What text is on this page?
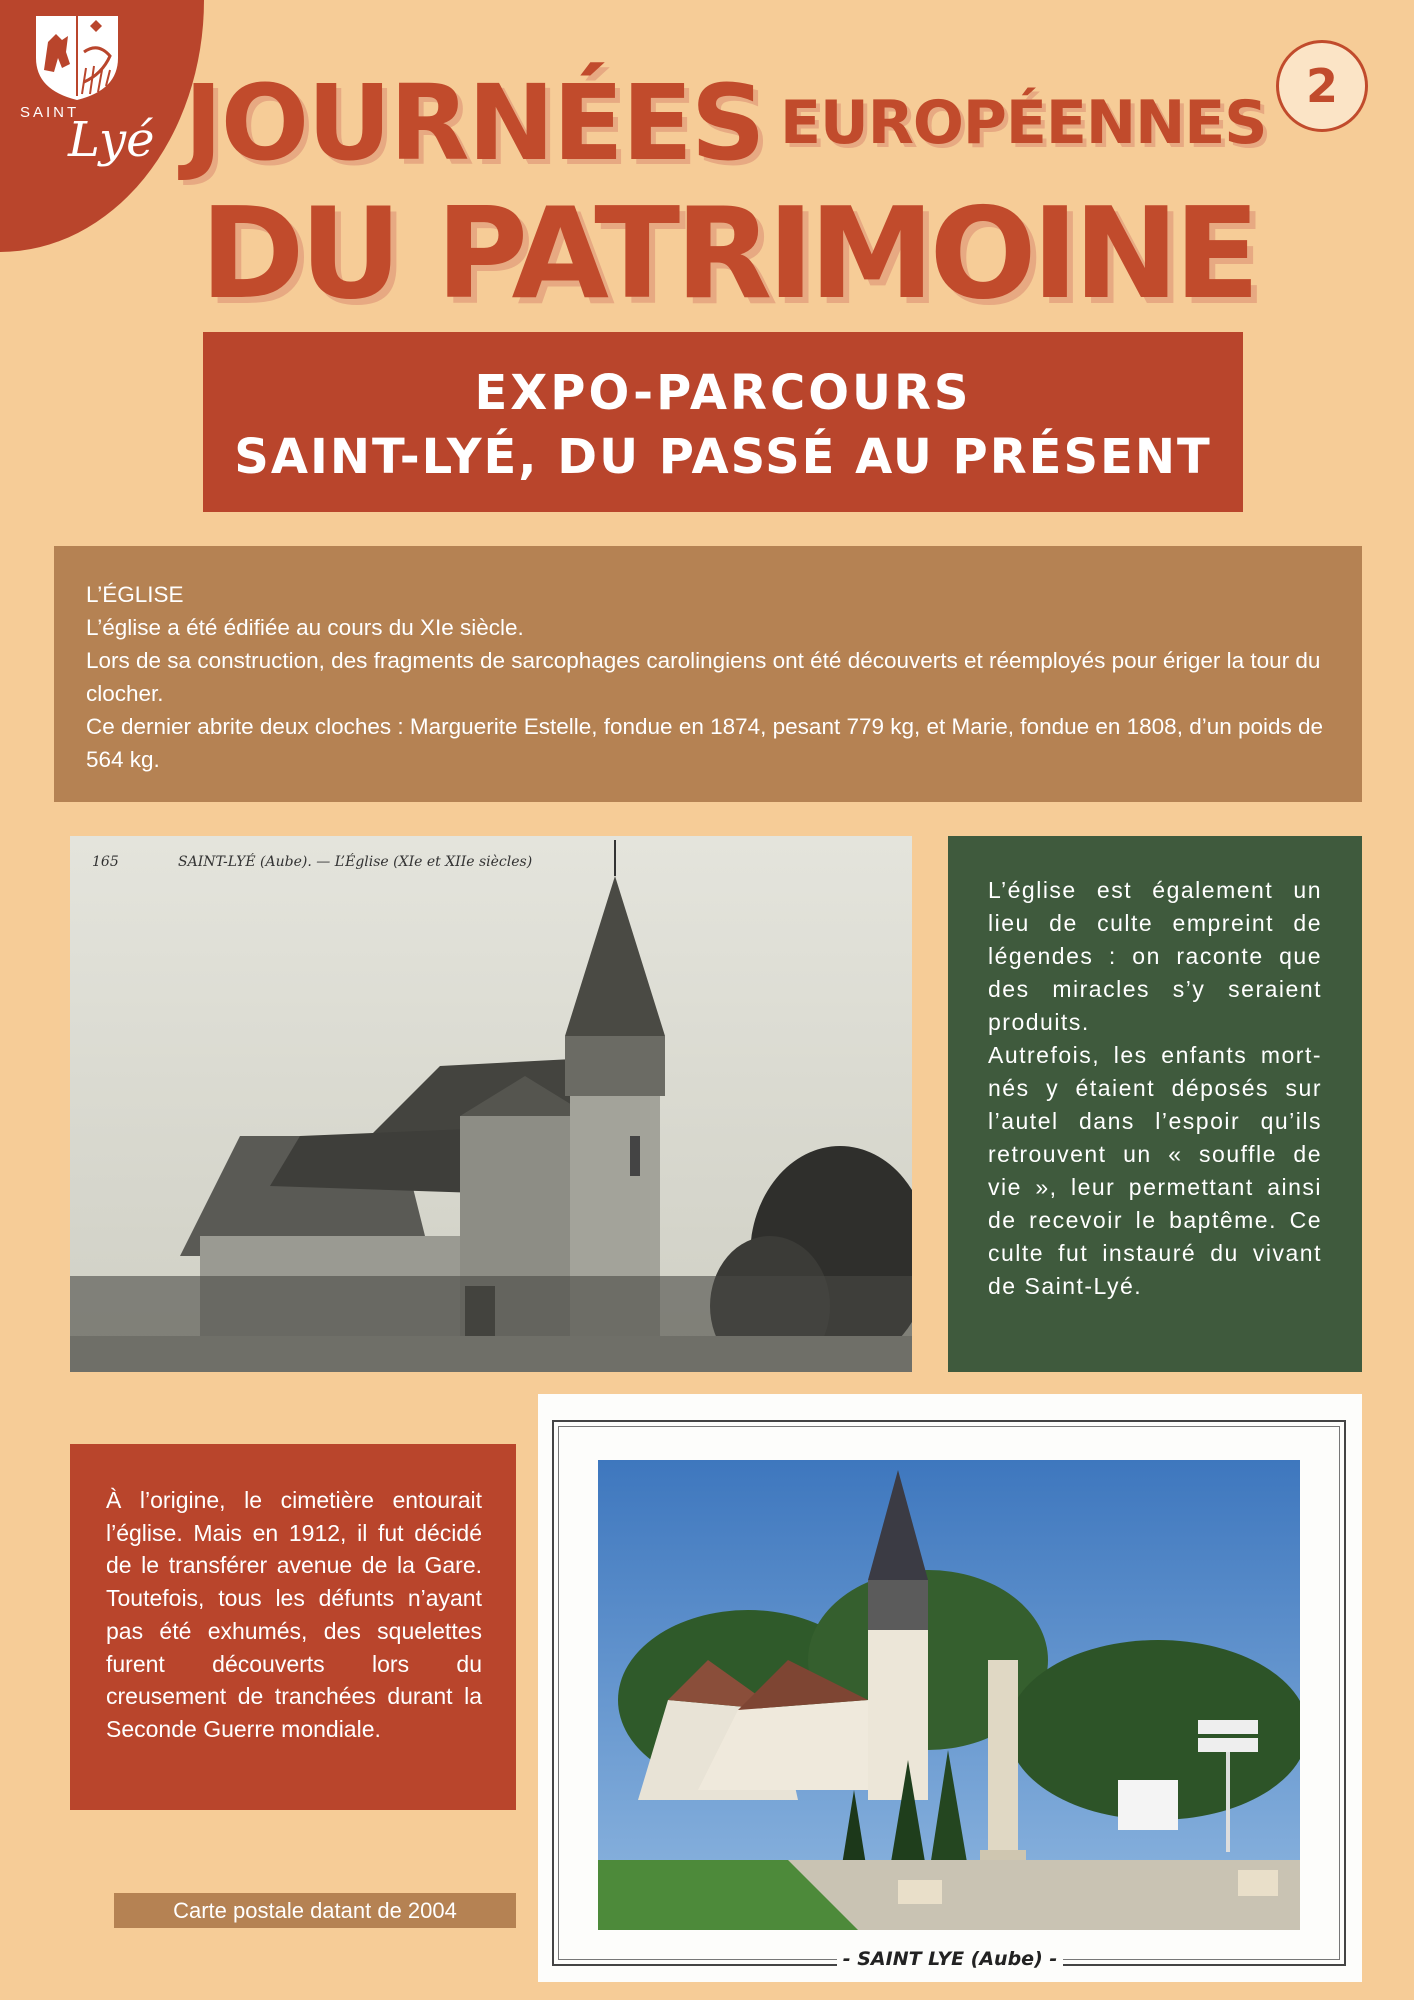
SAINT
Lyé JOURNÉES EUROPÉENNES
DU PATRIMOINE
2
EXPO-PARCOURS
SAINT-LYÉ, DU PASSÉ AU PRÉSENT

L’ÉGLISE

L’église a été édifiée au cours du XIe siècle.

Lors de sa construction, des fragments de sarcophages carolingiens ont été découverts et réemployés pour ériger la tour du clocher.

Ce dernier abrite deux cloches : Marguerite Estelle, fondue en 1874, pesant 779 kg, et Marie, fondue en 1808, d’un poids de 564 kg.

165	SAINT-LYÉ (Aube). — L’Église (XIe et XIIe siècles)

L’église est également un lieu de culte empreint de légendes : on raconte que des miracles s’y seraient produits.

Autrefois, les enfants mort-nés y étaient déposés sur l’autel dans l’espoir qu’ils retrouvent un « souffle de vie », leur permettant ainsi de recevoir le baptême. Ce culte fut instauré du vivant de Saint-Lyé.

À l’origine, le cimetière entourait l’église. Mais en 1912, il fut décidé de le transférer avenue de la Gare. Toutefois, tous les défunts n’ayant pas été exhumés, des squelettes furent découverts lors du creusement de tranchées durant la Seconde Guerre mondiale.
Carte postale datant de 2004
- SAINT LYE (Aube) -
